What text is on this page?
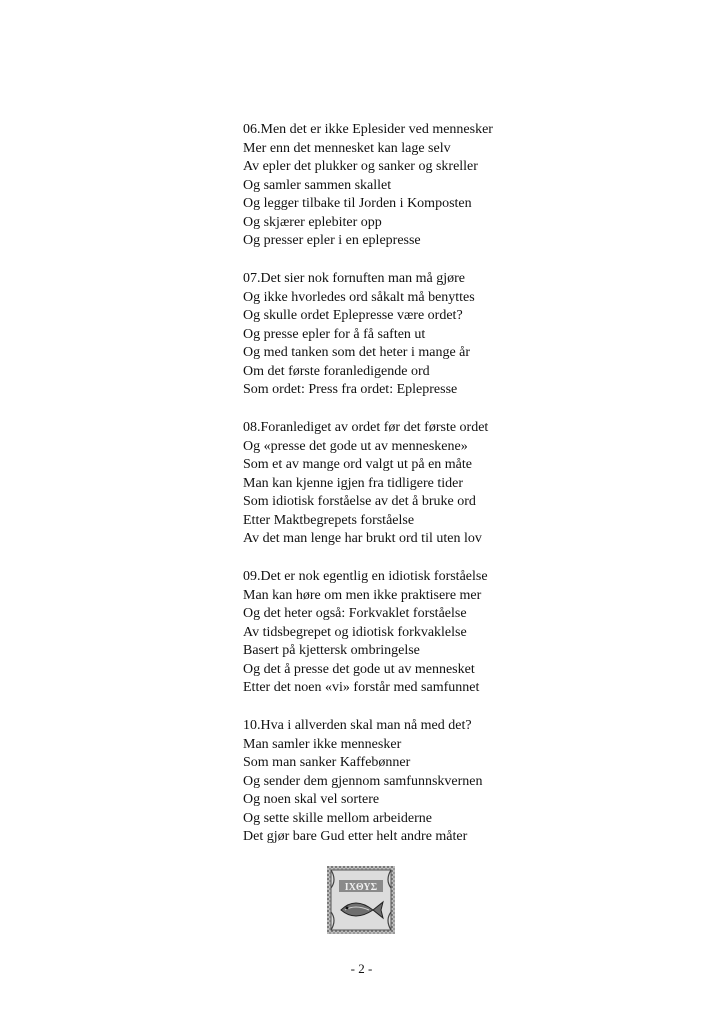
06.Men det er ikke Eplesider ved mennesker
Mer enn det mennesket kan lage selv
Av epler det plukker og sanker og skreller
Og samler sammen skallet
Og legger tilbake til Jorden i Komposten
Og skjærer eplebiter opp
Og presser epler i en eplepresse
07.Det sier nok fornuften man må gjøre
Og ikke hvorledes ord såkalt må benyttes
Og skulle ordet Eplepresse være ordet?
Og presse epler for å få saften ut
Og med tanken som det heter i mange år
Om det første foranledigende ord
Som ordet: Press fra ordet: Eplepresse
08.Foranlediget av ordet før det første ordet
Og «presse det gode ut av menneskene»
Som et av mange ord valgt ut på en måte
Man kan kjenne igjen fra tidligere tider
Som idiotisk forståelse av det å bruke ord
Etter Maktbegrepets forståelse
Av det man lenge har brukt ord til uten lov
09.Det er nok egentlig en idiotisk forståelse
Man kan høre om men ikke praktisere mer
Og det heter også: Forkvaklet forståelse
Av tidsbegrepet og idiotisk forkvaklelse
Basert på kjettersk ombringelse
Og det å presse det gode ut av mennesket
Etter det noen «vi» forstår med samfunnet
10.Hva i allverden skal man nå med det?
Man samler ikke mennesker
Som man sanker Kaffebønner
Og sender dem gjennom samfunnskvernen
Og noen skal vel sortere
Og sette skille mellom arbeiderne
Det gjør bare Gud etter helt andre måter
ΙΧΘΥΣ
- 2 -
